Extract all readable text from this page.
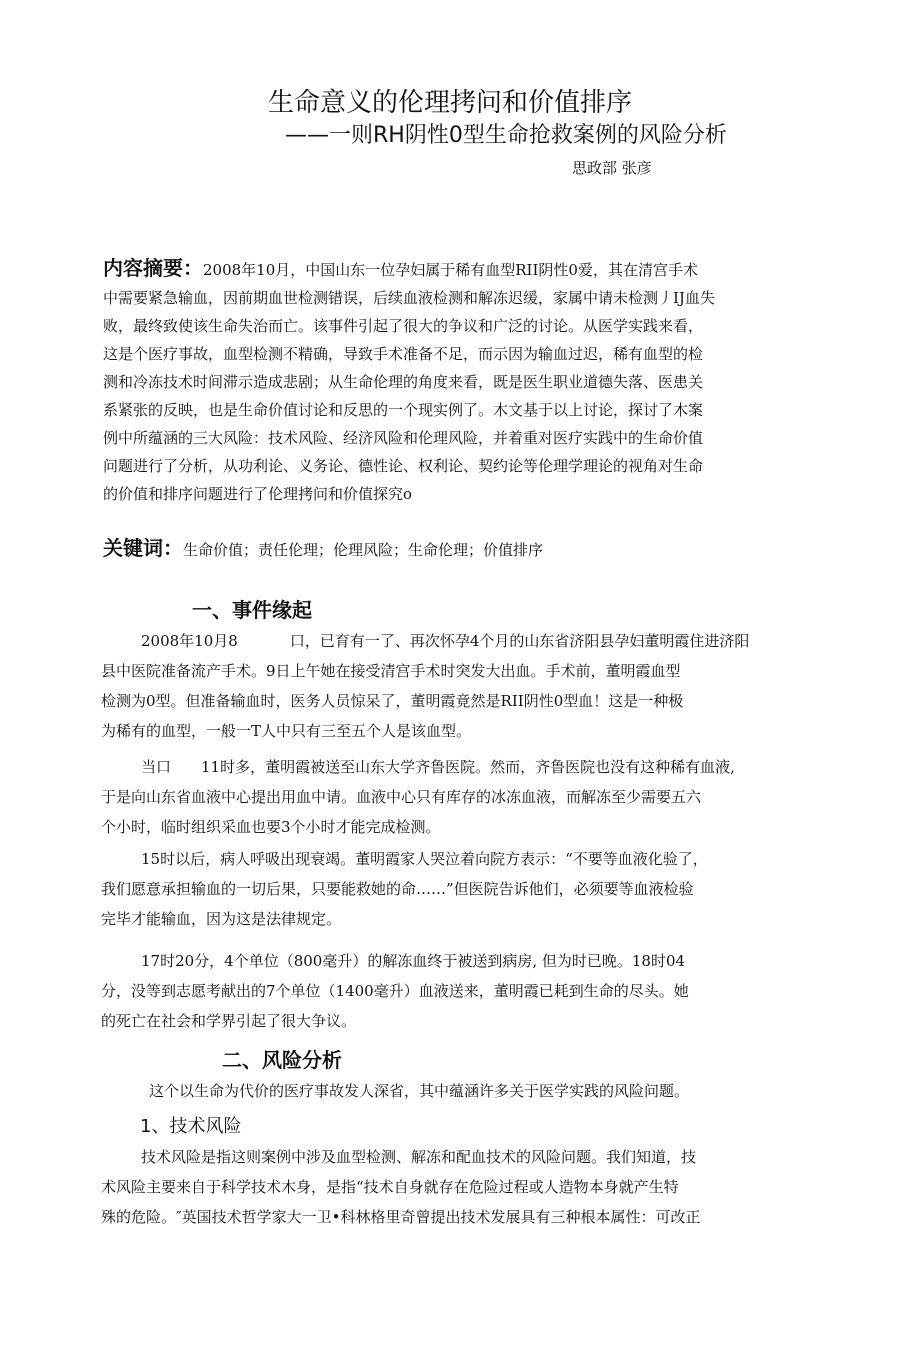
生命意义的伦理拷问和价值排序
——一则RH阴性0型生命抢救案例的风险分析
思政部 张彦
内容摘要：2008年10月，中国山东一位孕妇属于稀有血型RII阴性0爱，其在清宫手术
中需要紧急输血，因前期血世检测错误，后续血液检测和解冻迟缓，家属中请未检测丿IJ血失
败，最终致使该生命失治而亡。该事件引起了很大的争议和广泛的讨论。从医学实践来看，
这是个医疗事故，血型检测不精确，导致手术准备不足，而示因为输血过迟，稀有血型的检
测和冷冻技术时间滞示造成悲剧；从生命伦理的角度来看，既是医生职业道德失落、医患关
系紧张的反映，也是生命价值讨论和反思的一个现实例了。木文基于以上讨论，探讨了木案
例中所蕴涵的三大风险：技术风险、经济风险和伦理风险，并着重对医疗实践中的生命价值
问题进行了分析，从功利论、义务论、德性论、权利论、契约论等伦理学理论的视角对生命
的价值和排序问题进行了伦理拷问和价值探究o
关键词：生命价值；责任伦理；伦理风险；生命伦理；价值排序
一、事件缘起
2008年10月8	口，已育有一了、再次怀孕4个月的山东省济阳县孕妇董明霞住进济阳
县中医院准备流产手术。9日上午她在接受清宫手术时突发大出血。手术前，董明霞血型
检测为0型。但准备输血时，医务人员惊呆了，董明霞竟然是RII阴性0型血！这是一种极
为稀有的血型，一般一T人中只有三至五个人是该血型。
当口 11时多，董明霞被送至山东大学齐鲁医院。然而，齐鲁医院也没有这种稀有血液,
于是向山东省血液中心提出用血中请。血液中心只有库存的冰冻血液，而解冻至少需要五六
个小时，临时组织采血也要3个小时才能完成检测。
15时以后，病人呼吸出现衰竭。董明霞家人哭泣着向院方表示：“不要等血液化验了，
我们愿意承担输血的一切后果，只要能救她的命……”但医院告诉他们，必须要等血液检验
完毕才能输血，因为这是法律规定。
17时20分，4个单位（800毫升）的解冻血终于被送到病房, 但为时已晚。18时04
分，没等到志愿考献出的7个单位（1400毫升）血液送来，董明霞已耗到生命的尽头。她
的死亡在社会和学界引起了很大争议。
二、风险分析
这个以生命为代价的医疗事故发人深省，其中蕴涵许多关于医学实践的风险问题。
1、技术风险
技术风险是指这则案例中涉及血型检测、解冻和配血技术的风险问题。我们知道，技
术风险主要来自于科学技术木身，是指“技术自身就存在危险过程或人造物本身就产生特
殊的危险。″英国技术哲学家大一卫•科林格里奇曾提出技术发展具有三种根本属性：可改正
